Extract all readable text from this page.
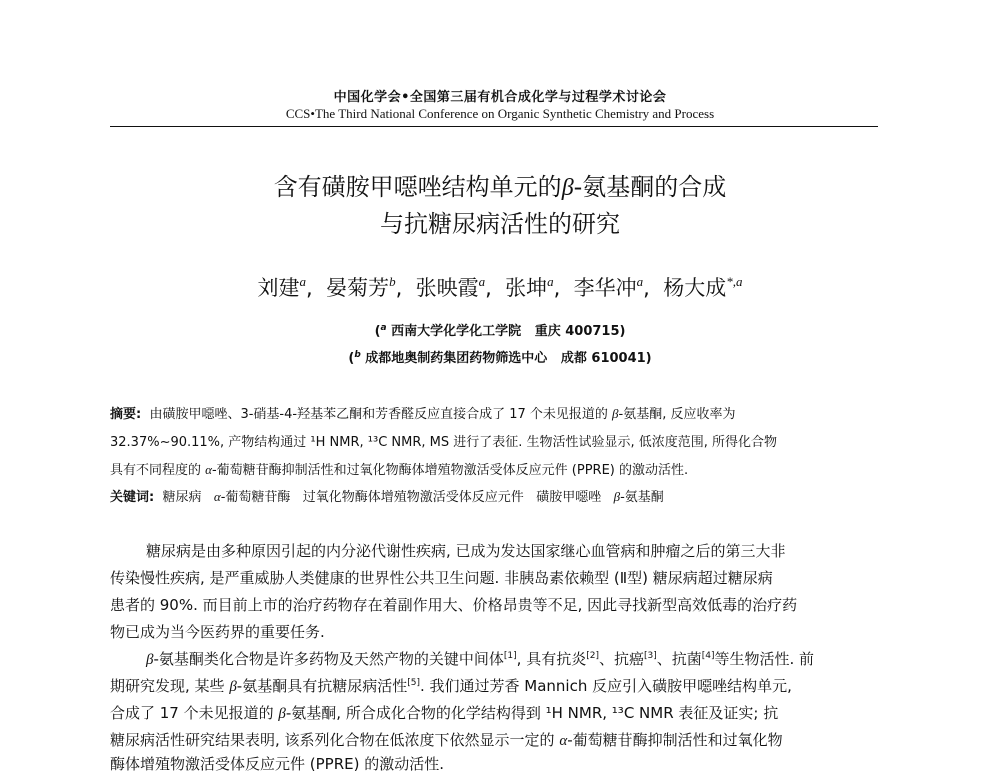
中国化学会•全国第三届有机合成化学与过程学术讨论会
CCS•The Third National Conference on Organic Synthetic Chemistry and Process
含有磺胺甲噁唑结构单元的β-氨基酮的合成
与抗糖尿病活性的研究
刘建$^a$,  晏菊芳$^b$,  张映霞$^a$,  张坤$^a$,  李华冲$^a$,  杨大成$^{*,a}$
($^a$ 西南大学化学化工学院   重庆 400715)
($^b$ 成都地奥制药集团药物筛选中心   成都 610041)
摘要:  由磺胺甲噁唑、3-硝基-4-羟基苯乙酮和芳香醛反应直接合成了 17 个未见报道的 β-氨基酮, 反应收率为
32.37%~90.11%, 产物结构通过 ¹H NMR, ¹³C NMR, MS 进行了表征. 生物活性试验显示, 低浓度范围, 所得化合物
具有不同程度的 α-葡萄糖苷酶抑制活性和过氧化物酶体增殖物激活受体反应元件 (PPRE) 的激动活性.
关键词:  糖尿病   α-葡萄糖苷酶   过氧化物酶体增殖物激活受体反应元件   磺胺甲噁唑   β-氨基酮
糖尿病是由多种原因引起的内分泌代谢性疾病, 已成为发达国家继心血管病和肿瘤之后的第三大非
传染慢性疾病, 是严重威胁人类健康的世界性公共卫生问题. 非胰岛素依赖型 (Ⅱ型) 糖尿病超过糖尿病
患者的 90%. 而目前上市的治疗药物存在着副作用大、价格昂贵等不足, 因此寻找新型高效低毒的治疗药
物已成为当今医药界的重要任务.
β-氨基酮类化合物是许多药物及天然产物的关键中间体[1], 具有抗炎[2]、抗癌[3]、抗菌[4]等生物活性. 前
期研究发现, 某些 β-氨基酮具有抗糖尿病活性[5]. 我们通过芳香 Mannich 反应引入磺胺甲噁唑结构单元,
合成了 17 个未见报道的 β-氨基酮, 所合成化合物的化学结构得到 ¹H NMR, ¹³C NMR 表征及证实; 抗
糖尿病活性研究结果表明, 该系列化合物在低浓度下依然显示一定的 α-葡萄糖苷酶抑制活性和过氧化物
酶体增殖物激活受体反应元件 (PPRE) 的激动活性.
